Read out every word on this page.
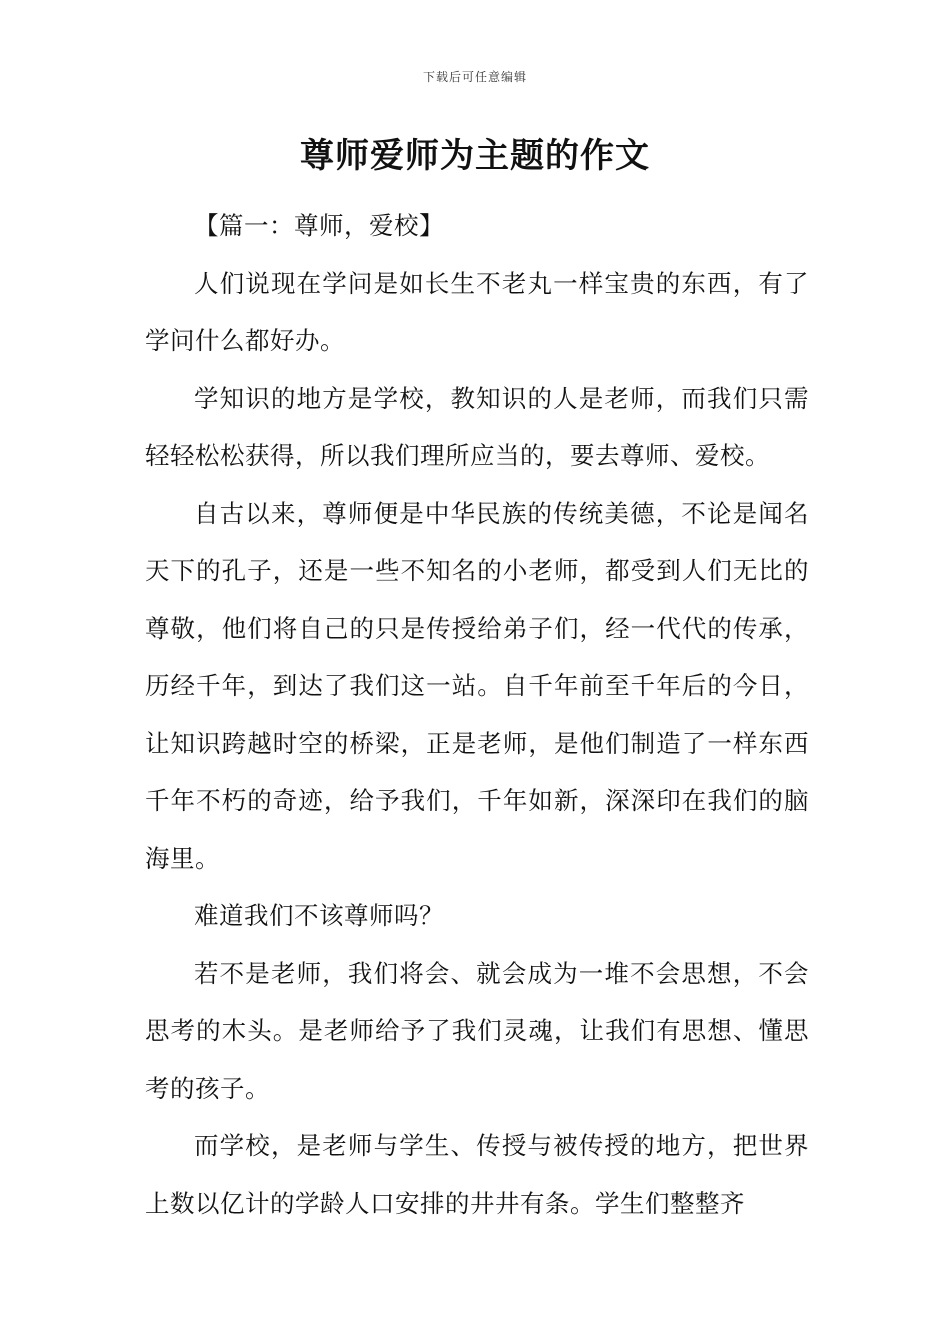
下载后可任意编辑
尊师爱师为主题的作文

【篇一：尊师，爱校】

人们说现在学问是如长生不老丸一样宝贵的东西，有了学问什么都好办。

学知识的地方是学校，教知识的人是老师，而我们只需轻轻松松获得，所以我们理所应当的，要去尊师、爱校。

自古以来，尊师便是中华民族的传统美德，不论是闻名天下的孔子，还是一些不知名的小老师，都受到人们无比的尊敬，他们将自己的只是传授给弟子们，经一代代的传承，历经千年，到达了我们这一站。自千年前至千年后的今日，让知识跨越时空的桥梁，正是老师，是他们制造了一样东西千年不朽的奇迹，给予我们，千年如新，深深印在我们的脑海里。

难道我们不该尊师吗？

若不是老师，我们将会、就会成为一堆不会思想，不会思考的木头。是老师给予了我们灵魂，让我们有思想、懂思考的孩子。

而学校，是老师与学生、传授与被传授的地方，把世界上数以亿计的学龄人口安排的井井有条。学生们整整齐
